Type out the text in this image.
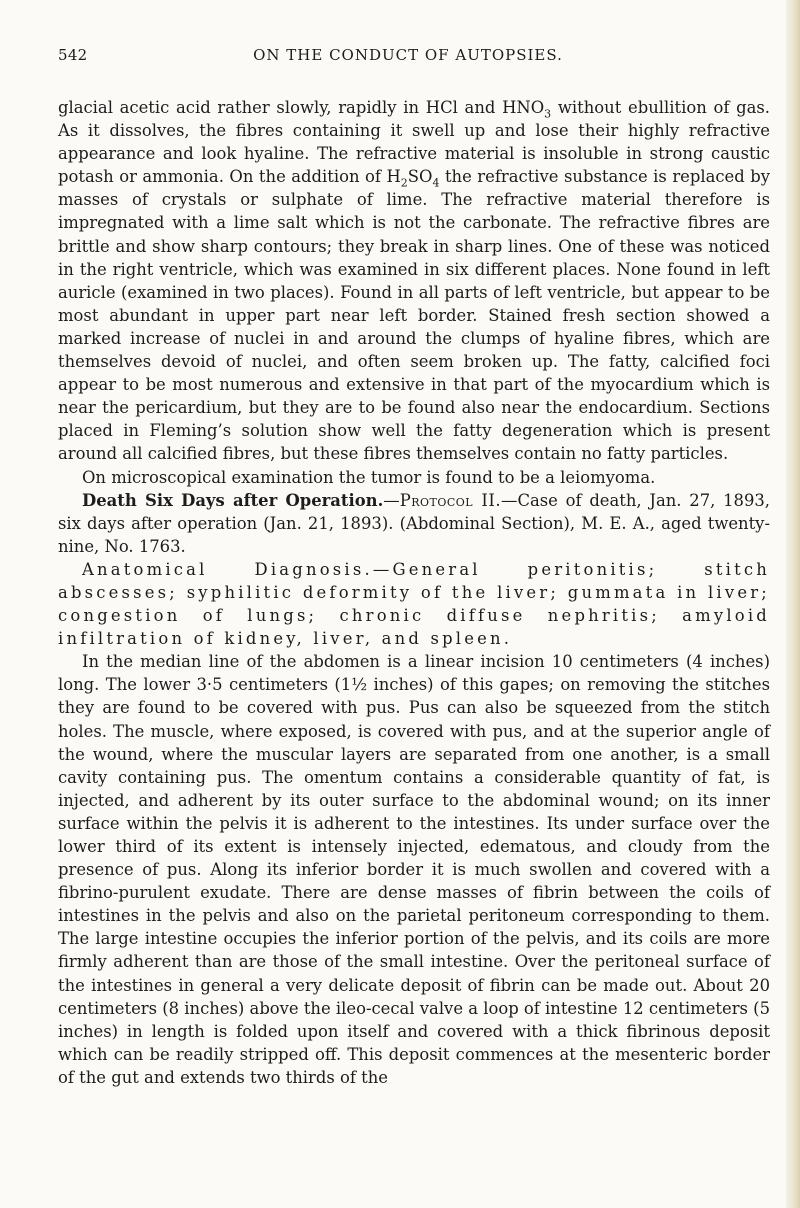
542	ON THE CONDUCT OF AUTOPSIES.

glacial acetic acid rather slowly, rapidly in HCl and $HNO_3$ without ebullition of gas. As it dissolves, the fibres containing it swell up and lose their highly refractive appearance and look hyaline. The refractive material is insoluble in strong caustic potash or ammonia. On the addition of $H_2SO_4$ the refractive substance is replaced by masses of crystals or sulphate of lime. The refractive material therefore is impregnated with a lime salt which is not the carbonate. The refractive fibres are brittle and show sharp contours; they break in sharp lines. One of these was noticed in the right ventricle, which was examined in six different places. None found in left auricle (examined in two places). Found in all parts of left ventricle, but appear to be most abundant in upper part near left border. Stained fresh section showed a marked increase of nuclei in and around the clumps of hyaline fibres, which are themselves devoid of nuclei, and often seem broken up. The fatty, calcified foci appear to be most numerous and extensive in that part of the myocardium which is near the pericardium, but they are to be found also near the endocardium. Sections placed in Fleming’s solution show well the fatty degeneration which is present around all calcified fibres, but these fibres themselves contain no fatty particles.

On microscopical examination the tumor is found to be a leiomyoma.

Death Six Days after Operation.—Protocol II.—Case of death, Jan. 27, 1893, six days after operation (Jan. 21, 1893). (Abdominal Section), M. E. A., aged twenty-nine, No. 1763.

Anatomical Diagnosis.—General peritonitis; stitch abscesses; syphilitic deformity of the liver; gummata in liver; congestion of lungs; chronic diffuse nephritis; amyloid infiltration of kidney, liver, and spleen.

In the median line of the abdomen is a linear incision 10 centimeters (4 inches) long. The lower 3·5 centimeters (1½ inches) of this gapes; on removing the stitches they are found to be covered with pus. Pus can also be squeezed from the stitch holes. The muscle, where exposed, is covered with pus, and at the superior angle of the wound, where the muscular layers are separated from one another, is a small cavity containing pus. The omentum contains a considerable quantity of fat, is injected, and adherent by its outer surface to the abdominal wound; on its inner surface within the pelvis it is adherent to the intestines. Its under surface over the lower third of its extent is intensely injected, edematous, and cloudy from the presence of pus. Along its inferior border it is much swollen and covered with a fibrino-purulent exudate. There are dense masses of fibrin between the coils of intestines in the pelvis and also on the parietal peritoneum corresponding to them. The large intestine occupies the inferior portion of the pelvis, and its coils are more firmly adherent than are those of the small intestine. Over the peritoneal surface of the intestines in general a very delicate deposit of fibrin can be made out. About 20 centimeters (8 inches) above the ileo-cecal valve a loop of intestine 12 centimeters (5 inches) in length is folded upon itself and covered with a thick fibrinous deposit which can be readily stripped off. This deposit commences at the mesenteric border of the gut and extends two thirds of the
